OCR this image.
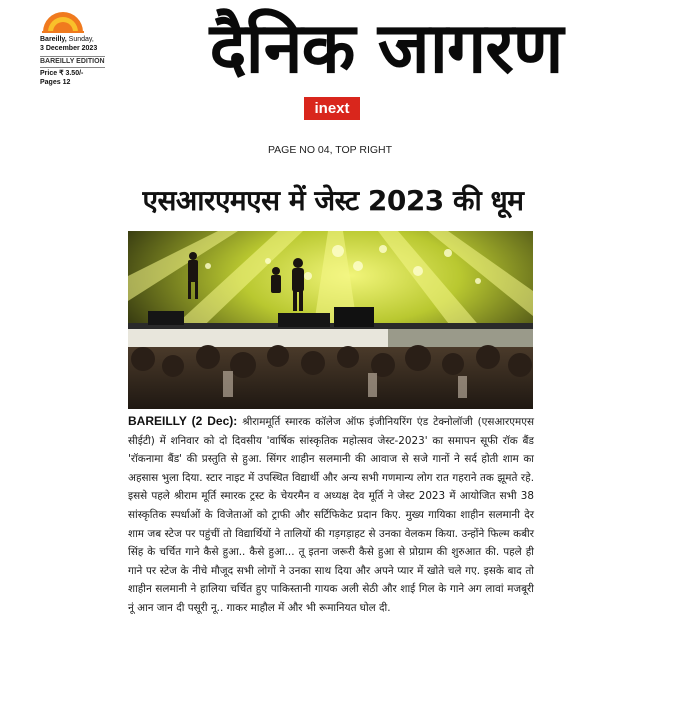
Bareilly, Sunday,
3 December 2023
BAREILLY EDITION
Price ₹ 3.50/-
Pages 12	दैनिक जागरण
inext
PAGE NO 04, TOP RIGHT
एसआरएमएस में जेस्ट 2023 की धूम
BAREILLY (2 Dec): श्रीराममूर्ति स्मारक कॉलेज ऑफ इंजीनियरिंग एंड टेक्नोलॉजी (एसआरएमएस सीईटी) में शनिवार को दो दिवसीय 'वार्षिक सांस्कृतिक महोत्सव जेस्ट-2023' का समापन सूफी रॉक बैंड 'रॉकनामा बैंड' की प्रस्तुति से हुआ. सिंगर शाहीन सलमानी की आवाज से सजे गानों ने सर्द होती शाम का अहसास भुला दिया. स्टार नाइट में उपस्थित विद्यार्थी और अन्य सभी गणमान्य लोग रात गहराने तक झूमते रहे. इससे पहले श्रीराम मूर्ति स्मारक ट्रस्ट के चेयरमैन व अध्यक्ष देव मूर्ति ने जेस्ट 2023 में आयोजित सभी 38 सांस्कृतिक स्पर्धाओं के विजेताओं को ट्राफी और सर्टिफिकेट प्रदान किए. मुख्य गायिका शाहीन सलमानी देर शाम जब स्टेज पर पहुंचीं तो विद्यार्थियों ने तालियों की गड़गड़ाहट से उनका वेलकम किया. उन्होंने फिल्म कबीर सिंह के चर्चित गाने कैसे हुआ.. कैसे हुआ... तू इतना जरूरी कैसे हुआ से प्रोग्राम की शुरुआत की. पहले ही गाने पर स्टेज के नीचे मौजूद सभी लोगों ने उनका साथ दिया और अपने प्यार में खोते चले गए. इसके बाद तो शाहीन सलमानी ने हालिया चर्चित हुए पाकिस्तानी गायक अली सेठी और शाई गिल के गाने अग लावां मजबूरी नूं आन जान दी पसूरी नू.. गाकर माहौल में और भी रूमानियत घोल दी.
